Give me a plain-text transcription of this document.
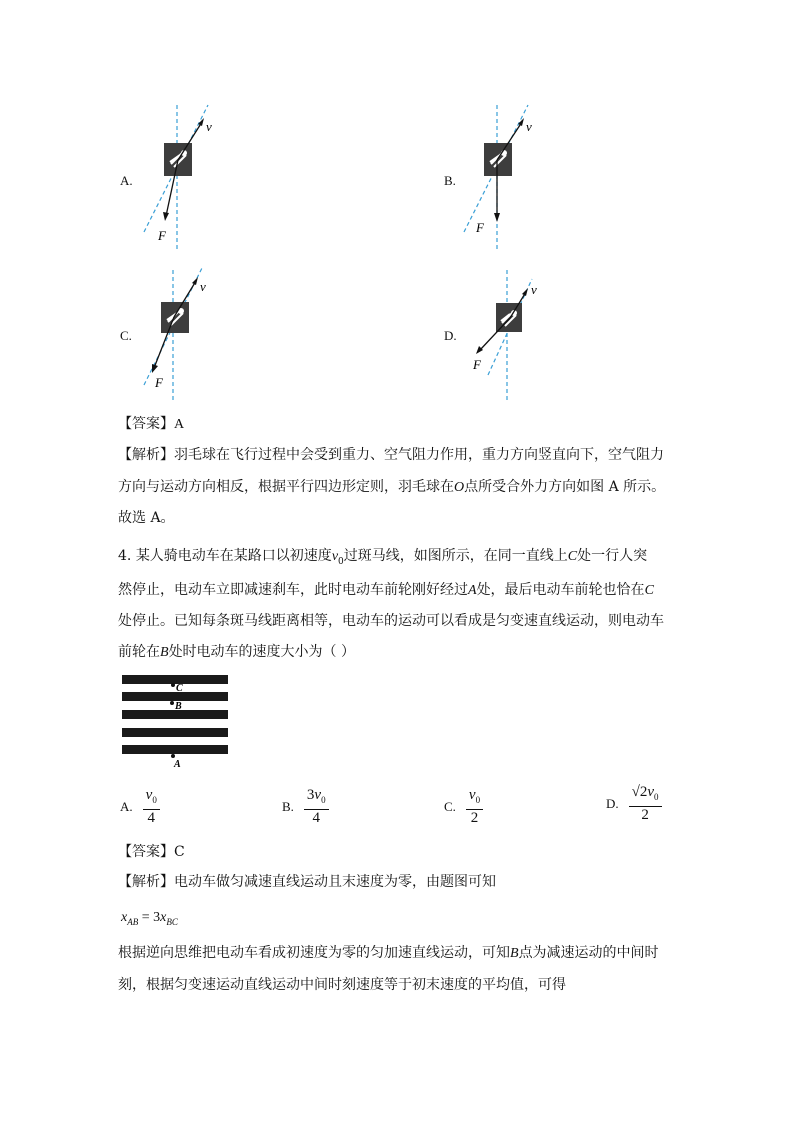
A.
v
F
B.
v
F
C.
v
F
D.
v
F
【答案】A
【解析】羽毛球在飞行过程中会受到重力、空气阻力作用，重力方向竖直向下，空气阻力
方向与运动方向相反，根据平行四边形定则，羽毛球在O点所受合外力方向如图 A 所示。
故选 A。
4. 某人骑电动车在某路口以初速度$v_0$过斑马线，如图所示，在同一直线上C处一行人突
然停止，电动车立即减速刹车，此时电动车前轮刚好经过A处，最后电动车前轮也恰在C
处停止。已知每条斑马线距离相等，电动车的运动可以看成是匀变速直线运动，则电动车
前轮在B处时电动车的速度大小为（ ）
C
B
A
A. $\frac{v_0}{4}$	B. $\frac{3v_0}{4}$	C. $\frac{v_0}{2}$	D. $\frac{√2v_0}{2}$
【答案】C
【解析】电动车做匀减速直线运动且末速度为零，由题图可知
$x_{AB} = 3x_{BC}$
根据逆向思维把电动车看成初速度为零的匀加速直线运动，可知B点为减速运动的中间时
刻，根据匀变速运动直线运动中间时刻速度等于初末速度的平均值，可得
